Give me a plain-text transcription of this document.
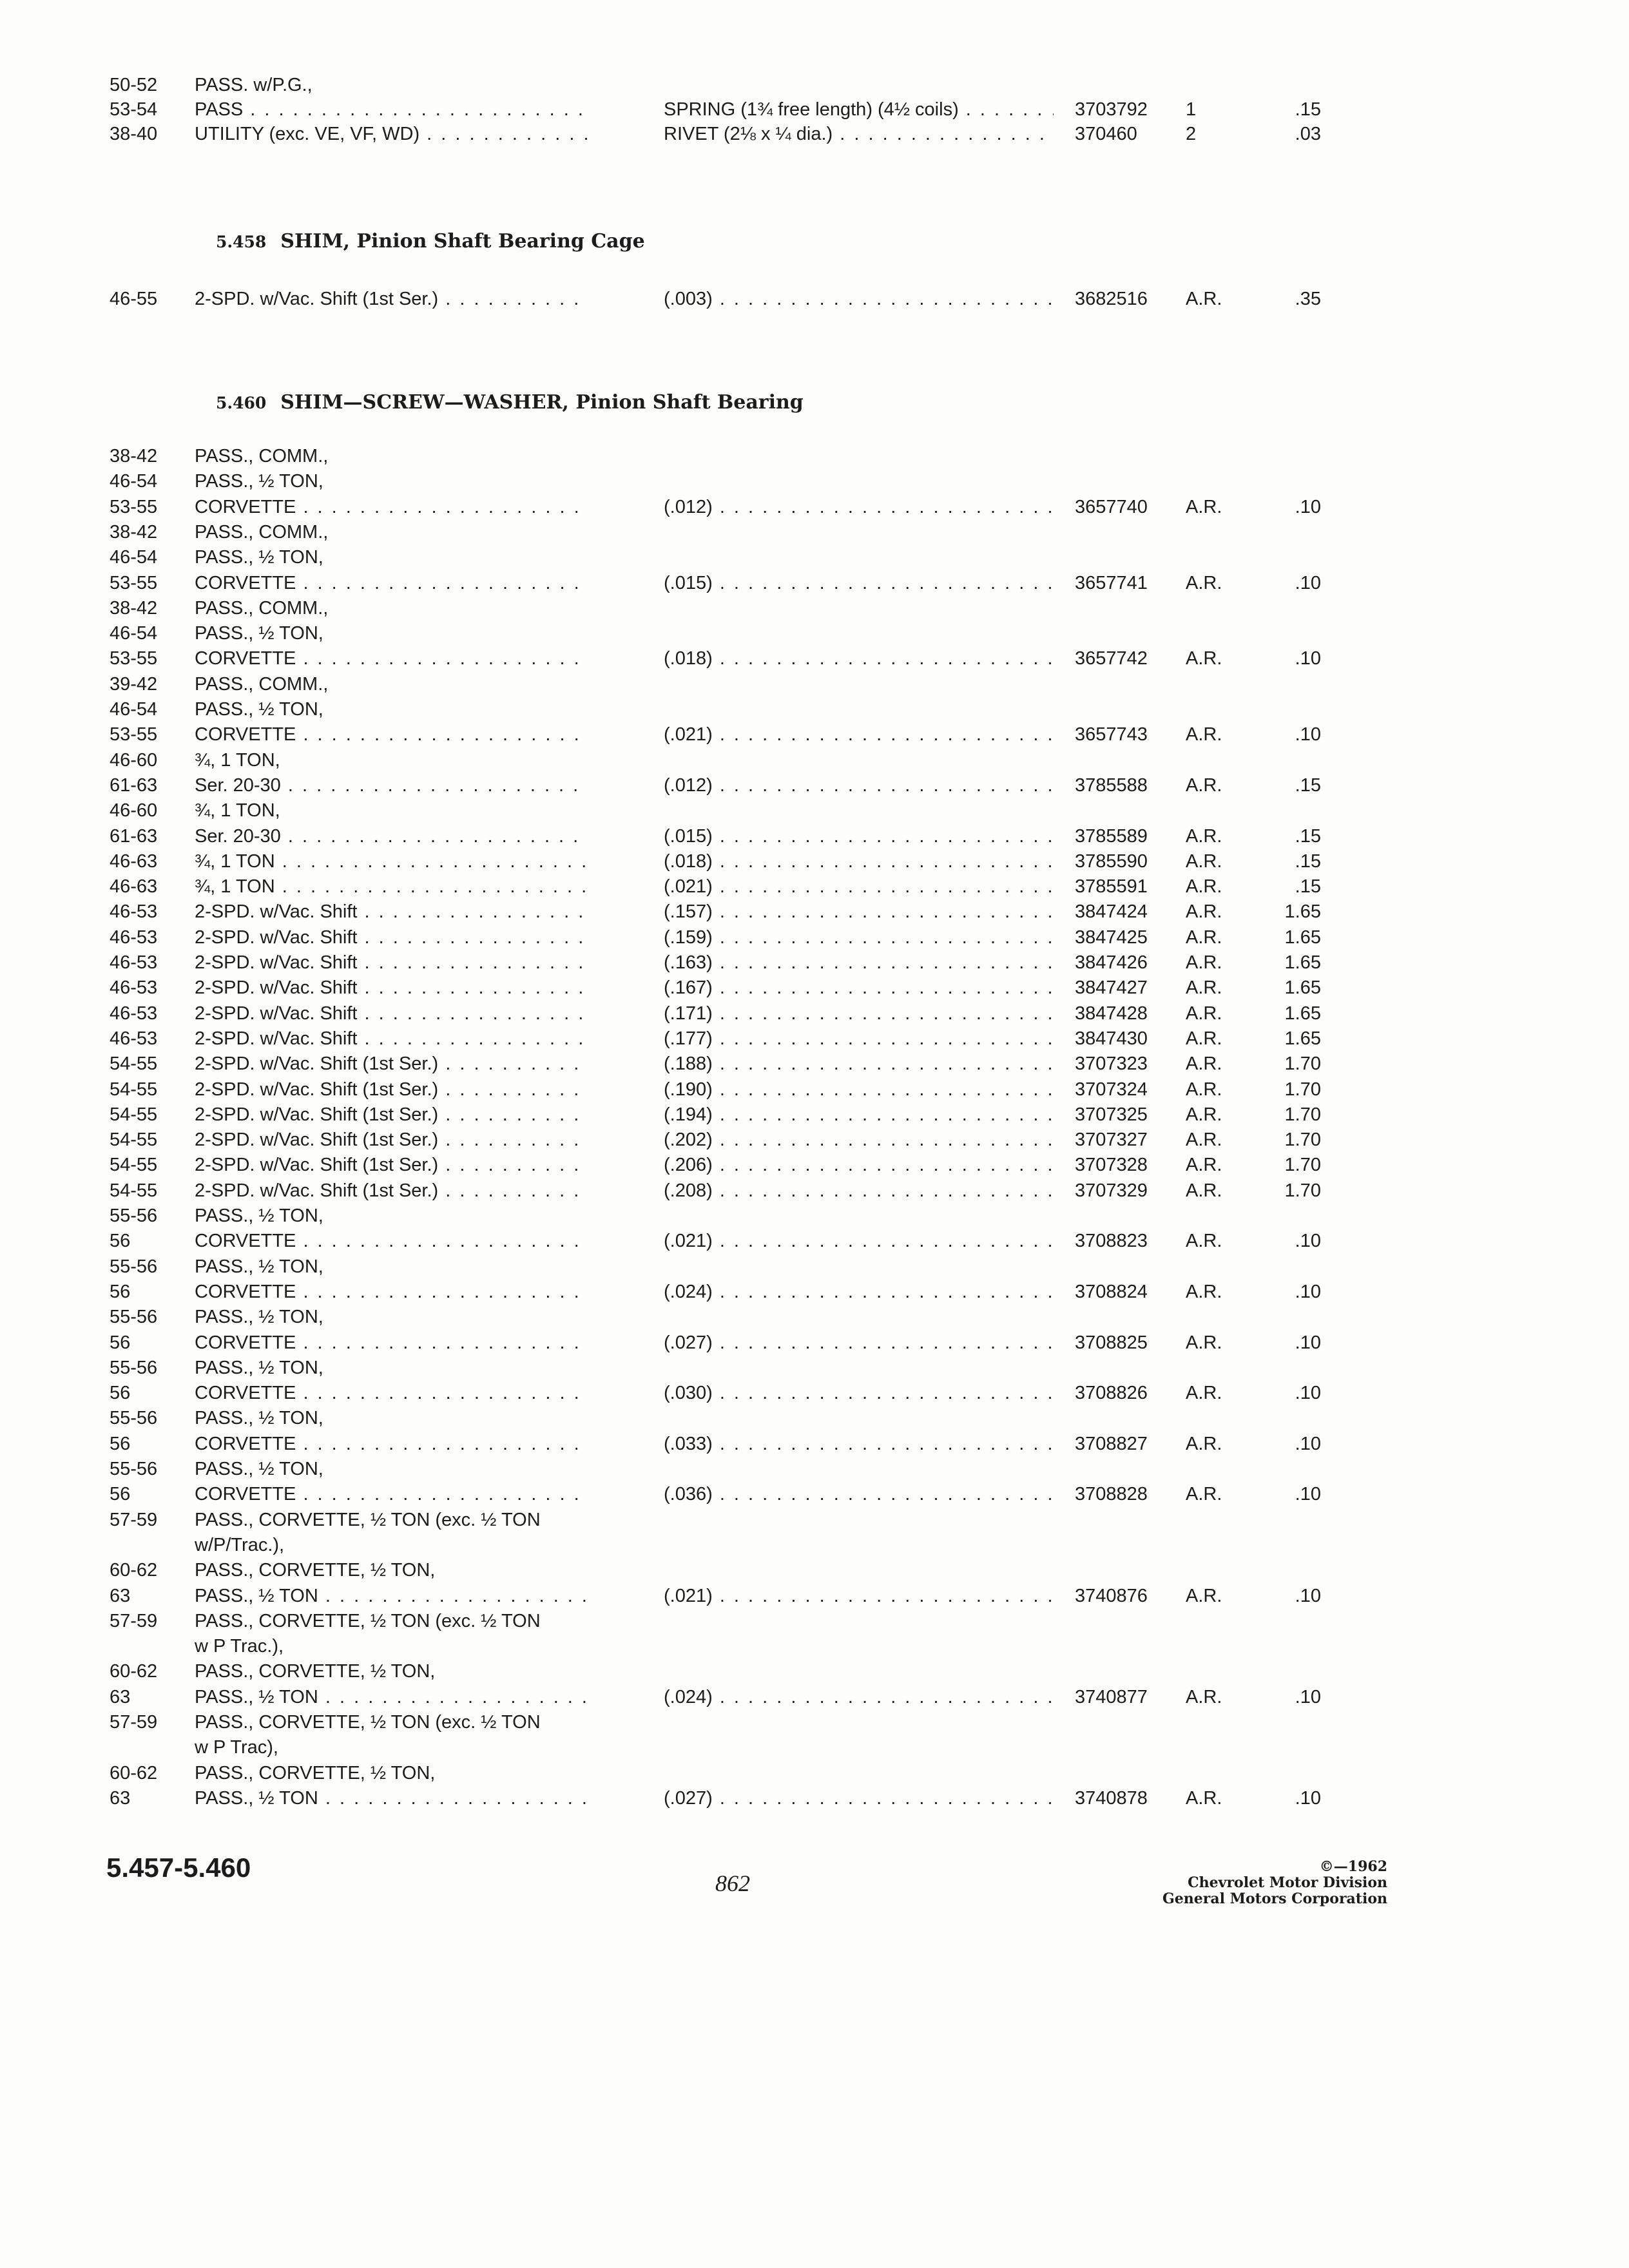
50-52	PASS. w/P.G.,
53-54	PASS . . .	SPRING (1¾ free length) (4½ coils) . . .	3703792	1	.15
38-40	UTILITY (exc. VE, VF, WD) . . .	RIVET (2⅛ x ¼ dia.) . . .	370460	2	.03
5.458 SHIM, Pinion Shaft Bearing Cage
46-55	2-SPD. w/Vac. Shift (1st Ser.) . . .	(.003) . . .	3682516	A.R.	.35
5.460 SHIM—SCREW—WASHER, Pinion Shaft Bearing
38-42	PASS., COMM.,
46-54	PASS., ½ TON,
53-55	CORVETTE . . .	(.012) . . .	3657740	A.R.	.10
38-42	PASS., COMM.,
46-54	PASS., ½ TON,
53-55	CORVETTE . . .	(.015) . . .	3657741	A.R.	.10
38-42	PASS., COMM.,
46-54	PASS., ½ TON,
53-55	CORVETTE . . .	(.018) . . .	3657742	A.R.	.10
39-42	PASS., COMM.,
46-54	PASS., ½ TON,
53-55	CORVETTE . . .	(.021) . . .	3657743	A.R.	.10
46-60	¾, 1 TON,
61-63	Ser. 20-30 . . .	(.012) . . .	3785588	A.R.	.15
46-60	¾, 1 TON,
61-63	Ser. 20-30 . . .	(.015) . . .	3785589	A.R.	.15
46-63	¾, 1 TON . . .	(.018) . . .	3785590	A.R.	.15
46-63	¾, 1 TON . . .	(.021) . . .	3785591	A.R.	.15
46-53	2-SPD. w/Vac. Shift . . .	(.157) . . .	3847424	A.R.	1.65
46-53	2-SPD. w/Vac. Shift . . .	(.159) . . .	3847425	A.R.	1.65
46-53	2-SPD. w/Vac. Shift . . .	(.163) . . .	3847426	A.R.	1.65
46-53	2-SPD. w/Vac. Shift . . .	(.167) . . .	3847427	A.R.	1.65
46-53	2-SPD. w/Vac. Shift . . .	(.171) . . .	3847428	A.R.	1.65
46-53	2-SPD. w/Vac. Shift . . .	(.177) . . .	3847430	A.R.	1.65
54-55	2-SPD. w/Vac. Shift (1st Ser.) . . .	(.188) . . .	3707323	A.R.	1.70
54-55	2-SPD. w/Vac. Shift (1st Ser.) . . .	(.190) . . .	3707324	A.R.	1.70
54-55	2-SPD. w/Vac. Shift (1st Ser.) . . .	(.194) . . .	3707325	A.R.	1.70
54-55	2-SPD. w/Vac. Shift (1st Ser.) . . .	(.202) . . .	3707327	A.R.	1.70
54-55	2-SPD. w/Vac. Shift (1st Ser.) . . .	(.206) . . .	3707328	A.R.	1.70
54-55	2-SPD. w/Vac. Shift (1st Ser.) . . .	(.208) . . .	3707329	A.R.	1.70
55-56	PASS., ½ TON,
56	CORVETTE . . .	(.021) . . .	3708823	A.R.	.10
55-56	PASS., ½ TON,
56	CORVETTE . . .	(.024) . . .	3708824	A.R.	.10
55-56	PASS., ½ TON,
56	CORVETTE . . .	(.027) . . .	3708825	A.R.	.10
55-56	PASS., ½ TON,
56	CORVETTE . . .	(.030) . . .	3708826	A.R.	.10
55-56	PASS., ½ TON,
56	CORVETTE . . .	(.033) . . .	3708827	A.R.	.10
55-56	PASS., ½ TON,
56	CORVETTE . . .	(.036) . . .	3708828	A.R.	.10
57-59	PASS., CORVETTE, ½ TON (exc. ½ TON
w/P/Trac.),
60-62	PASS., CORVETTE, ½ TON,
63	PASS., ½ TON . . .	(.021) . . .	3740876	A.R.	.10
57-59	PASS., CORVETTE, ½ TON (exc. ½ TON
w P Trac.),
60-62	PASS., CORVETTE, ½ TON,
63	PASS., ½ TON . . .	(.024) . . .	3740877	A.R.	.10
57-59	PASS., CORVETTE, ½ TON (exc. ½ TON
w P Trac),
60-62	PASS., CORVETTE, ½ TON,
63	PASS., ½ TON . . .	(.027) . . .	3740878	A.R.	.10
5.457-5.460
862
©—1962
Chevrolet Motor Division
General Motors Corporation
